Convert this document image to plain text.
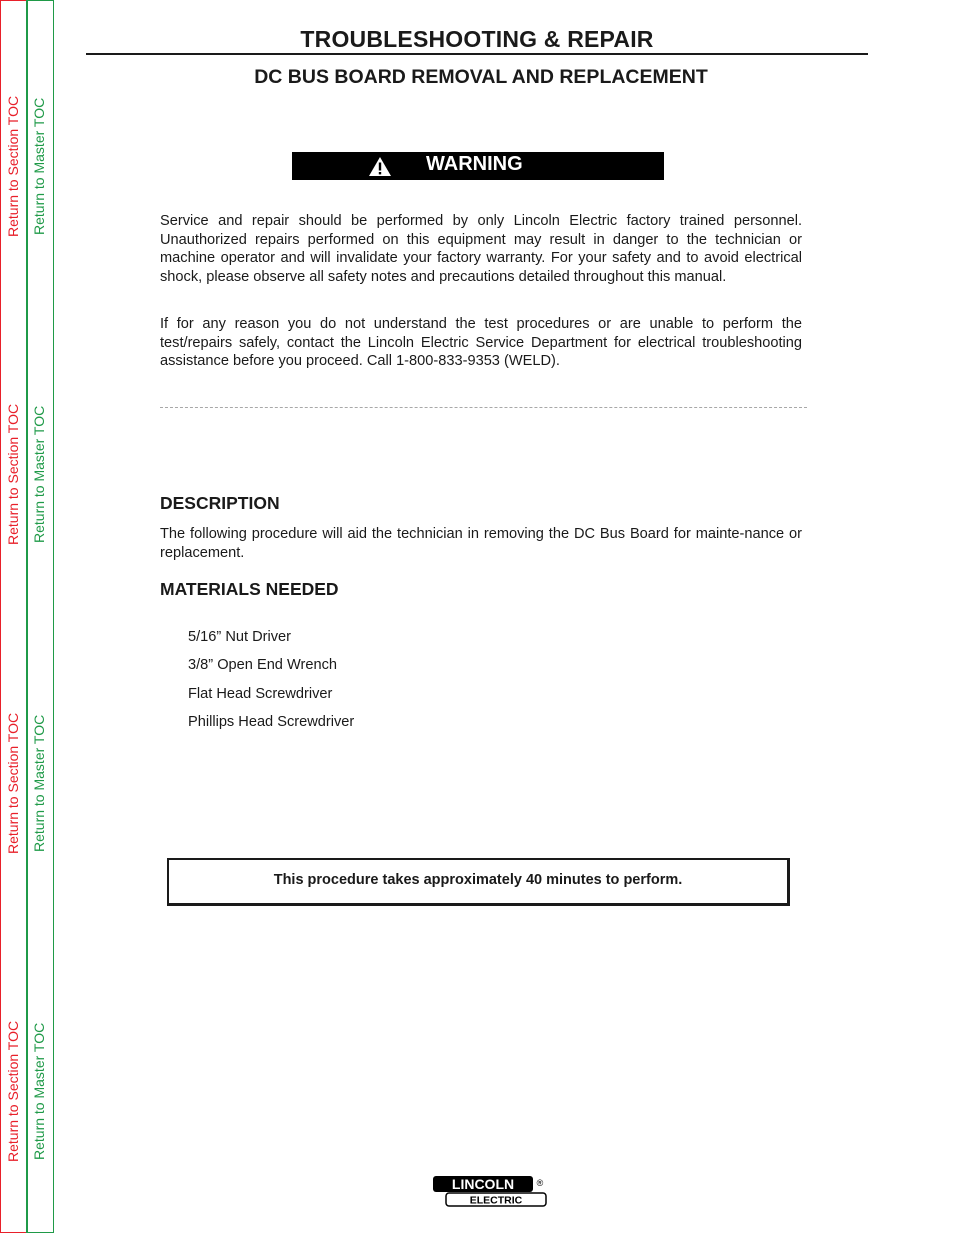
Return to Section TOC
Return to Section TOC
Return to Section TOC
Return to Section TOC
Return to Master TOC
Return to Master TOC
Return to Master TOC
Return to Master TOC
TROUBLESHOOTING & REPAIR
DC BUS BOARD REMOVAL AND REPLACEMENT
WARNING

Service and repair should be performed by only Lincoln Electric factory trained personnel. Unauthorized repairs performed on this equipment may result in danger to the technician or machine operator and will invalidate your factory warranty. For your safety and to avoid electrical shock, please observe all safety notes and precautions detailed throughout this manual.

If for any reason you do not understand the test procedures or are unable to perform the test/repairs safely, contact the Lincoln Electric Service Department for electrical troubleshooting assistance before you proceed. Call 1-800-833-9353 (WELD).

DESCRIPTION

The following procedure will aid the technician in removing the DC Bus Board for mainte-nance or replacement.

MATERIALS NEEDED
5/16” Nut Driver
3/8” Open End Wrench
Flat Head Screwdriver
Phillips Head Screwdriver
This procedure takes approximately 40 minutes to perform.
LINCOLN	®
ELECTRIC
